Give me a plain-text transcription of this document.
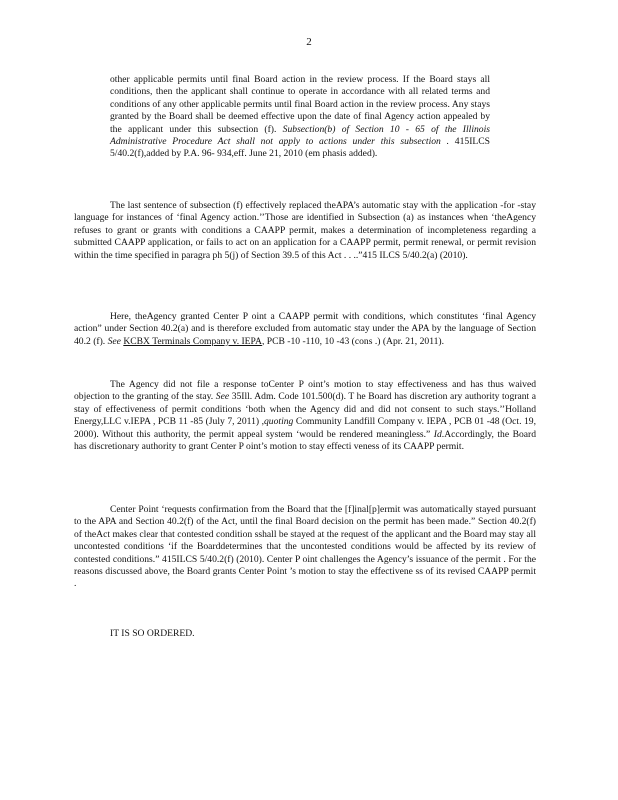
2
other applicable permits until final Board action in the review process. If the Board stays all conditions, then the applicant shall continue to operate in accordance with all related terms and conditions of any other applicable permits until final Board action in the review process. Any stays granted by the Board shall be deemed effective upon the date of final Agency action appealed by the applicant under this subsection (f). Subsection(b) of Section 10 - 65 of the Illinois Administrative Procedure Act shall not apply to actions under this subsection . 415ILCS 5/40.2(f),added by P.A. 96- 934,eff. June 21, 2010 (em phasis added).
The last sentence of subsection (f) effectively replaced theAPA’s automatic stay with the application -for -stay language for instances of ‘final Agency action.’’Those are identified in Subsection (a) as instances when ‘theAgency refuses to grant or grants with conditions a CAAPP permit, makes a determination of incompleteness regarding a submitted CAAPP application, or fails to act on an application for a CAAPP permit, permit renewal, or permit revision within the time specified in paragra ph 5(j) of Section 39.5 of this Act . . ..”415 ILCS 5/40.2(a) (2010).
Here, theAgency granted Center P oint a CAAPP permit with conditions, which constitutes ‘final Agency action” under Section 40.2(a) and is therefore excluded from automatic stay under the APA by the language of Section 40.2 (f). See KCBX Terminals Company v. IEPA, PCB -10 -110, 10 -43 (cons .) (Apr. 21, 2011).
The Agency did not file a response toCenter P oint’s motion to stay effectiveness and has thus waived objection to the granting of the stay. See 35Ill. Adm. Code 101.500(d). T he Board has discretion ary authority togrant a stay of effectiveness of permit conditions ‘both when the Agency did and did not consent to such stays.’’Holland Energy,LLC v.IEPA , PCB 11 -85 (July 7, 2011) ,quoting Community Landfill Company v. IEPA , PCB 01 -48 (Oct. 19, 2000). Without this authority, the permit appeal system ‘would be rendered meaningless.” Id.Accordingly, the Board has discretionary authority to grant Center P oint’s motion to stay effecti veness of its CAAPP permit.
Center Point ‘requests confirmation from the Board that the [f]inal[p]ermit was automatically stayed pursuant to the APA and Section 40.2(f) of the Act, until the final Board decision on the permit has been made.” Section 40.2(f) of theAct makes clear that contested condition sshall be stayed at the request of the applicant and the Board may stay all uncontested conditions ‘if the Boarddetermines that the uncontested conditions would be affected by its review of contested conditions.” 415ILCS 5/40.2(f) (2010). Center P oint challenges the Agency’s issuance of the permit . For the reasons discussed above, the Board grants Center Point ’s motion to stay the effectivene ss of its revised CAAPP permit .
IT IS SO ORDERED.
